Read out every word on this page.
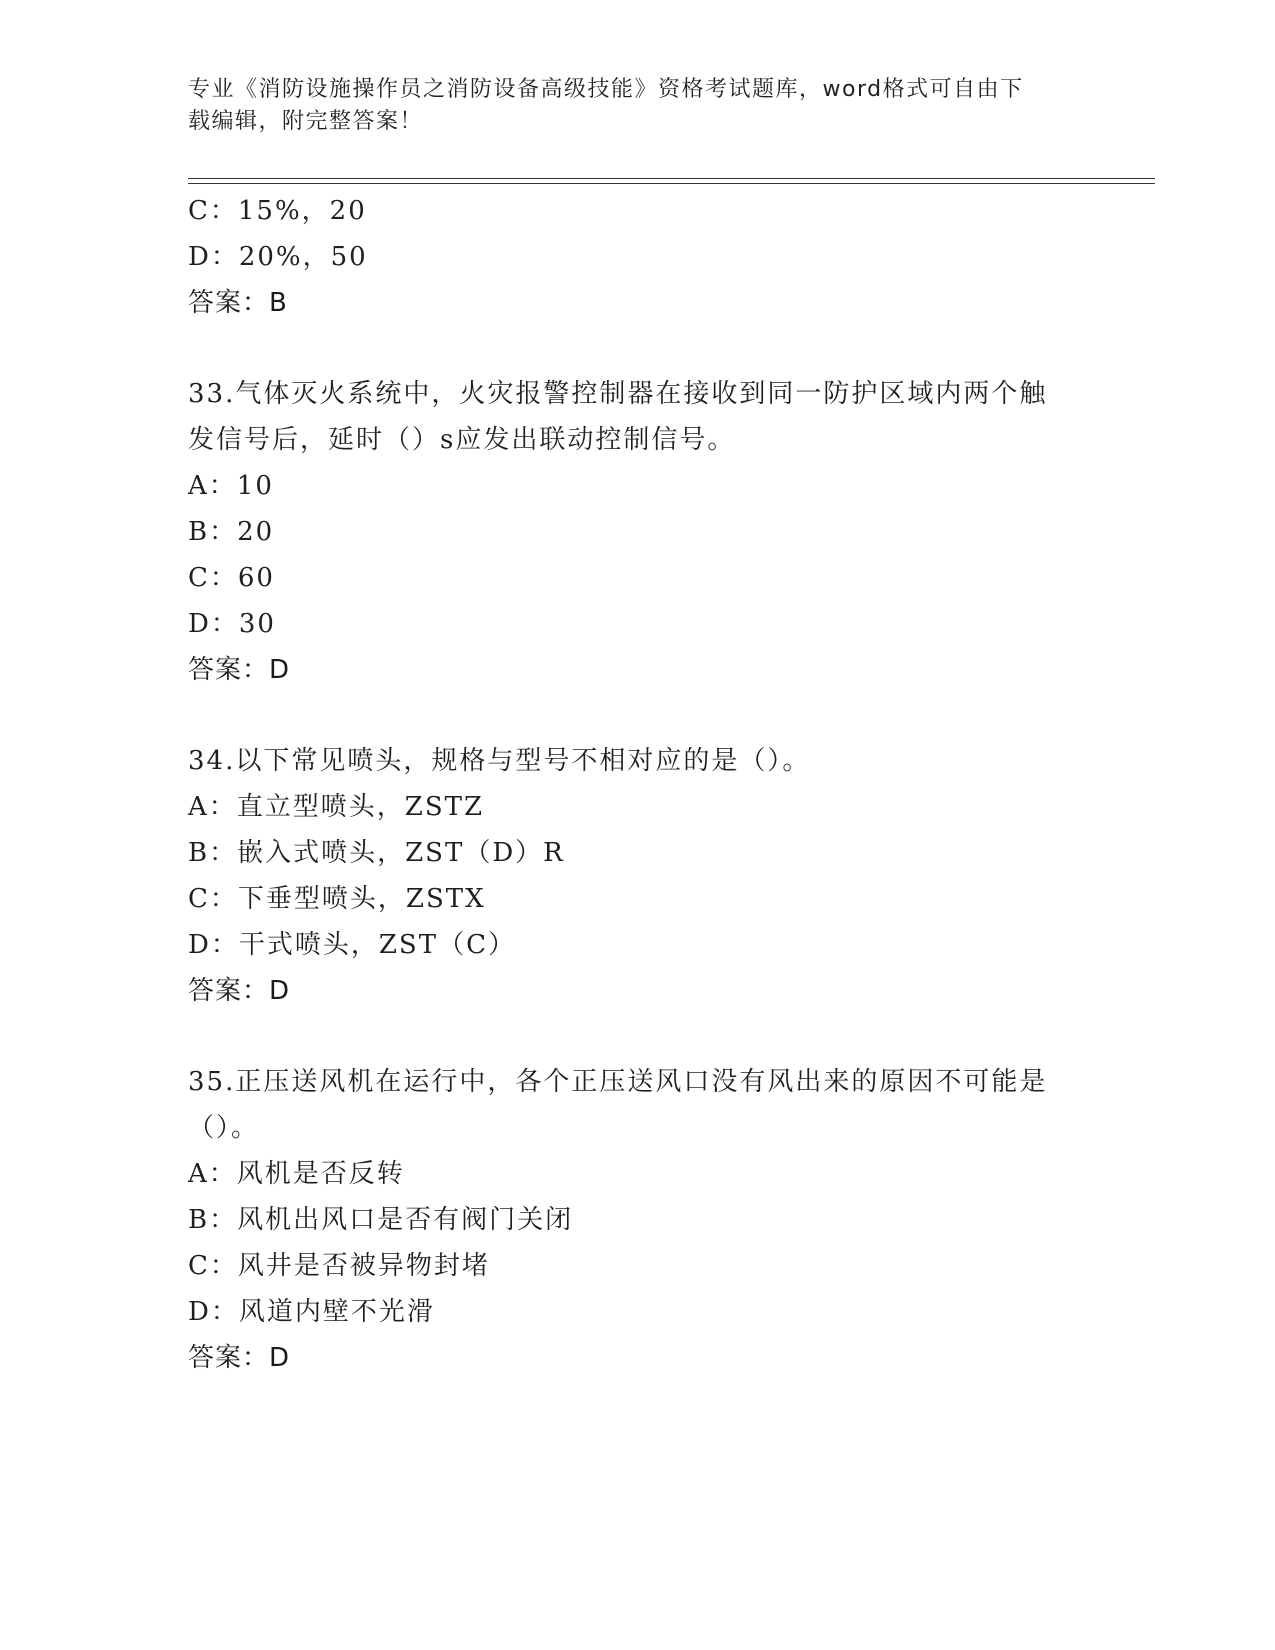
专业《消防设施操作员之消防设备高级技能》资格考试题库，word格式可自由下
载编辑，附完整答案！
C：15%，20
D：20%，50
答案：B
33.气体灭火系统中，火灾报警控制器在接收到同一防护区域内两个触
发信号后，延时（）s应发出联动控制信号。
A：10
B：20
C：60
D：30
答案：D
34.以下常见喷头，规格与型号不相对应的是（）。
A：直立型喷头，ZSTZ
B：嵌入式喷头，ZST（D）R
C：下垂型喷头，ZSTX
D：干式喷头，ZST（C）
答案：D
35.正压送风机在运行中，各个正压送风口没有风出来的原因不可能是
（）。
A：风机是否反转
B：风机出风口是否有阀门关闭
C：风井是否被异物封堵
D：风道内壁不光滑
答案：D
